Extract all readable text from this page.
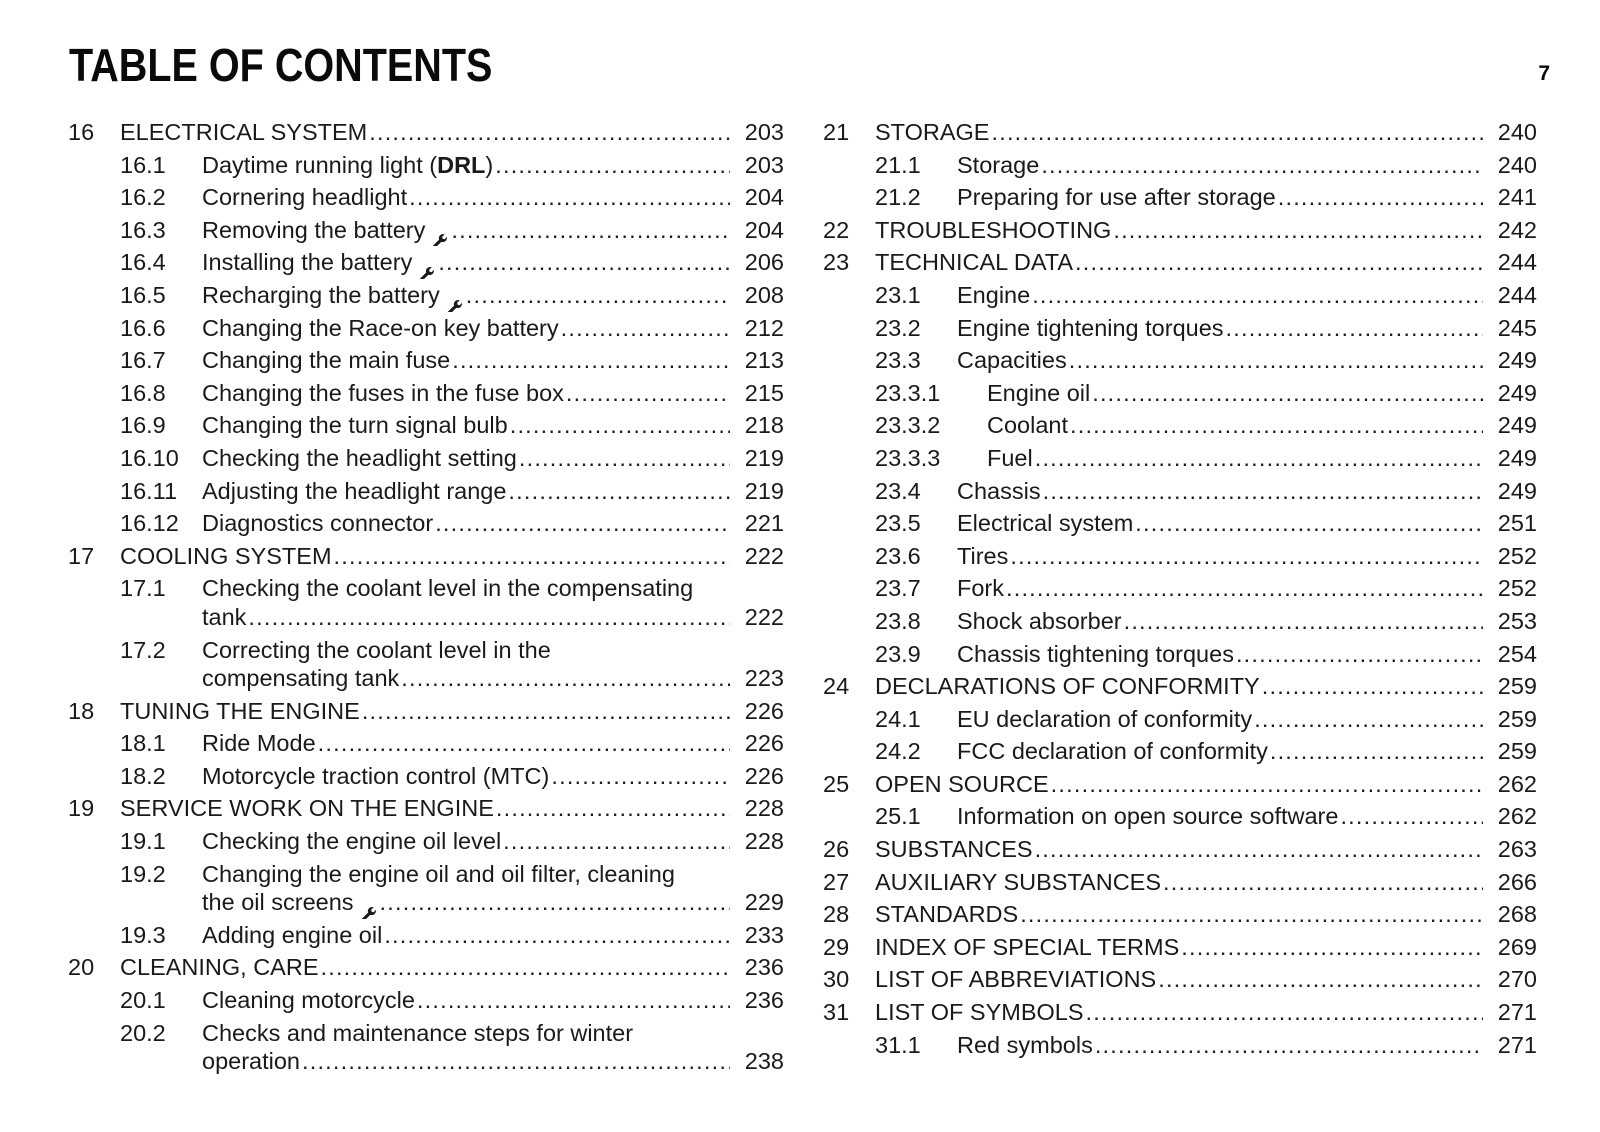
TABLE OF CONTENTS	7
16	ELECTRICAL SYSTEM .....	203
16.1	Daytime running light (DRL) .....	203
16.2	Cornering headlight .....	204
16.3	Removing the battery .....	204
16.4	Installing the battery .....	206
16.5	Recharging the battery .....	208
16.6	Changing the Race-on key battery .....	212
16.7	Changing the main fuse .....	213
16.8	Changing the fuses in the fuse box .....	215
16.9	Changing the turn signal bulb .....	218
16.10 Checking the headlight setting .....	219
16.11	Adjusting the headlight range .....	219
16.12 Diagnostics connector .....	221
17	COOLING SYSTEM .....	222
17.1	Checking the coolant level in the compensating
tank .....	222
17.2	Correcting the coolant level in the
compensating tank .....	223
18	TUNING THE ENGINE .....	226
18.1	Ride Mode .....	226
18.2	Motorcycle traction control (MTC) .....	226
19	SERVICE WORK ON THE ENGINE .....	228
19.1	Checking the engine oil level .....	228
19.2	Changing the engine oil and oil filter, cleaning
the oil screens .....	229
19.3	Adding engine oil .....	233
20	CLEANING, CARE .....	236
20.1	Cleaning motorcycle .....	236
20.2	Checks and maintenance steps for winter
operation .....	238
21	STORAGE .....	240
21.1	Storage .....	240
21.2	Preparing for use after storage .....	241
22	TROUBLESHOOTING .....	242
23	TECHNICAL DATA .....	244
23.1	Engine .....	244
23.2	Engine tightening torques .....	245
23.3	Capacities .....	249
23.3.1	Engine oil .....	249
23.3.2	Coolant .....	249
23.3.3	Fuel .....	249
23.4	Chassis .....	249
23.5	Electrical system .....	251
23.6	Tires .....	252
23.7	Fork .....	252
23.8	Shock absorber .....	253
23.9	Chassis tightening torques .....	254
24	DECLARATIONS OF CONFORMITY .....	259
24.1	EU declaration of conformity .....	259
24.2	FCC declaration of conformity .....	259
25	OPEN SOURCE .....	262
25.1	Information on open source software .....	262
26	SUBSTANCES .....	263
27	AUXILIARY SUBSTANCES .....	266
28	STANDARDS .....	268
29	INDEX OF SPECIAL TERMS .....	269
30	LIST OF ABBREVIATIONS .....	270
31	LIST OF SYMBOLS .....	271
31.1	Red symbols .....	271
